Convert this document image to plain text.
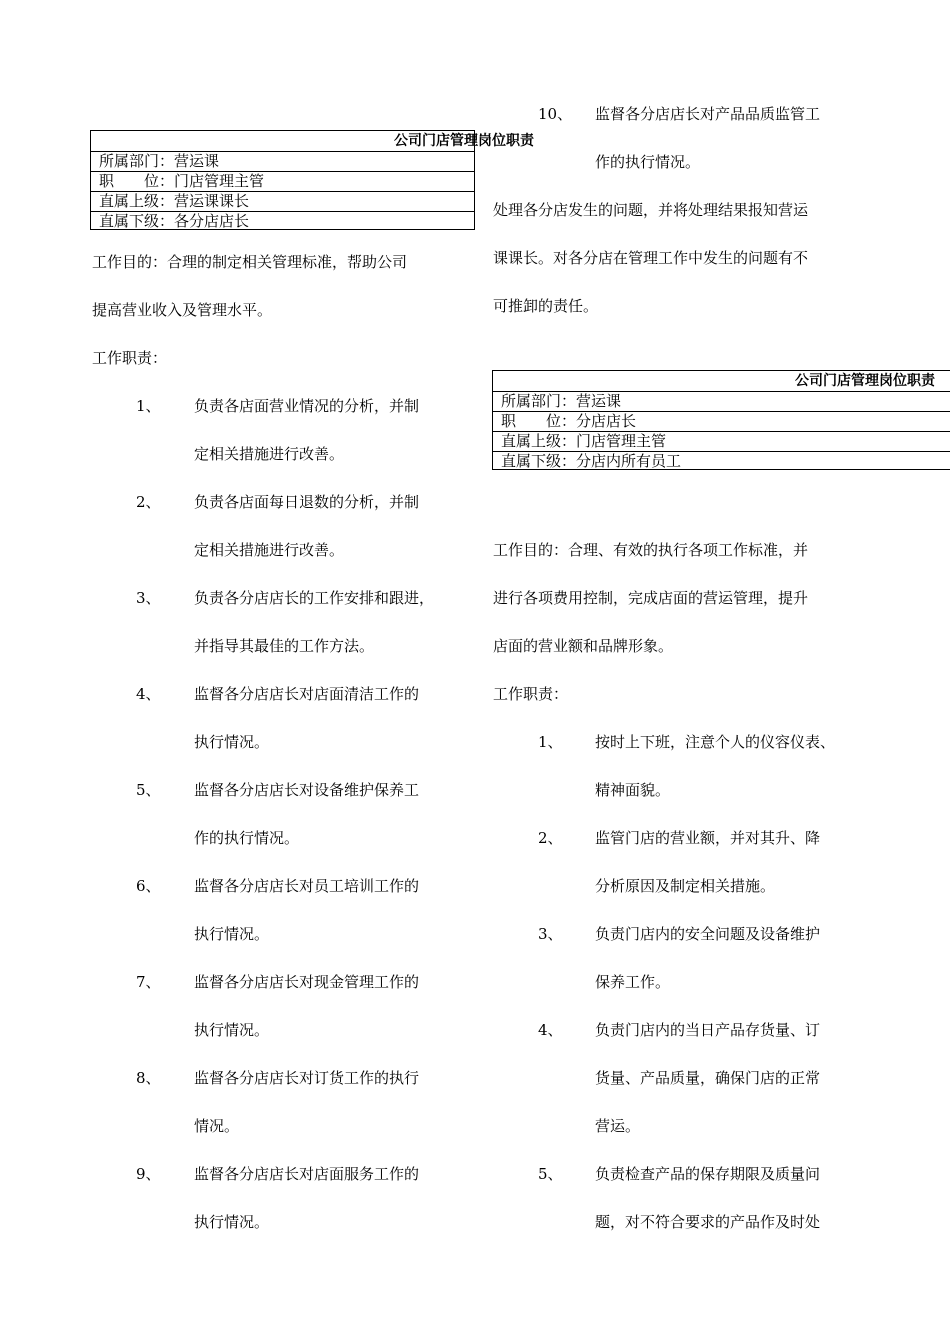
公司门店管理岗位职责
所属部门：营运课
职　　位：门店管理主管
直属上级：营运课课长
直属下级：各分店店长
工作目的：合理的制定相关管理标准，帮助公司
提高营业收入及管理水平。
工作职责：
1、 负责各店面营业情况的分析，并制
定相关措施进行改善。
2、 负责各店面每日退数的分析，并制
定相关措施进行改善。
3、 负责各分店店长的工作安排和跟进，
并指导其最佳的工作方法。
4、 监督各分店店长对店面清洁工作的
执行情况。
5、 监督各分店店长对设备维护保养工
作的执行情况。
6、 监督各分店店长对员工培训工作的
执行情况。
7、 监督各分店店长对现金管理工作的
执行情况。
8、 监督各分店店长对订货工作的执行
情况。
9、 监督各分店店长对店面服务工作的
执行情况。
10、 监督各分店店长对产品品质监管工
作的执行情况。
处理各分店发生的问题，并将处理结果报知营运
课课长。对各分店在管理工作中发生的问题有不
可推卸的责任。
公司门店管理岗位职责
所属部门：营运课
职　　位：分店店长
直属上级：门店管理主管
直属下级：分店内所有员工
工作目的：合理、有效的执行各项工作标准，并
进行各项费用控制，完成店面的营运管理，提升
店面的营业额和品牌形象。
工作职责：
1、 按时上下班，注意个人的仪容仪表、
精神面貌。
2、 监管门店的营业额，并对其升、降
分析原因及制定相关措施。
3、 负责门店内的安全问题及设备维护
保养工作。
4、 负责门店内的当日产品存货量、订
货量、产品质量，确保门店的正常
营运。
5、 负责检查产品的保存期限及质量问
题，对不符合要求的产品作及时处
